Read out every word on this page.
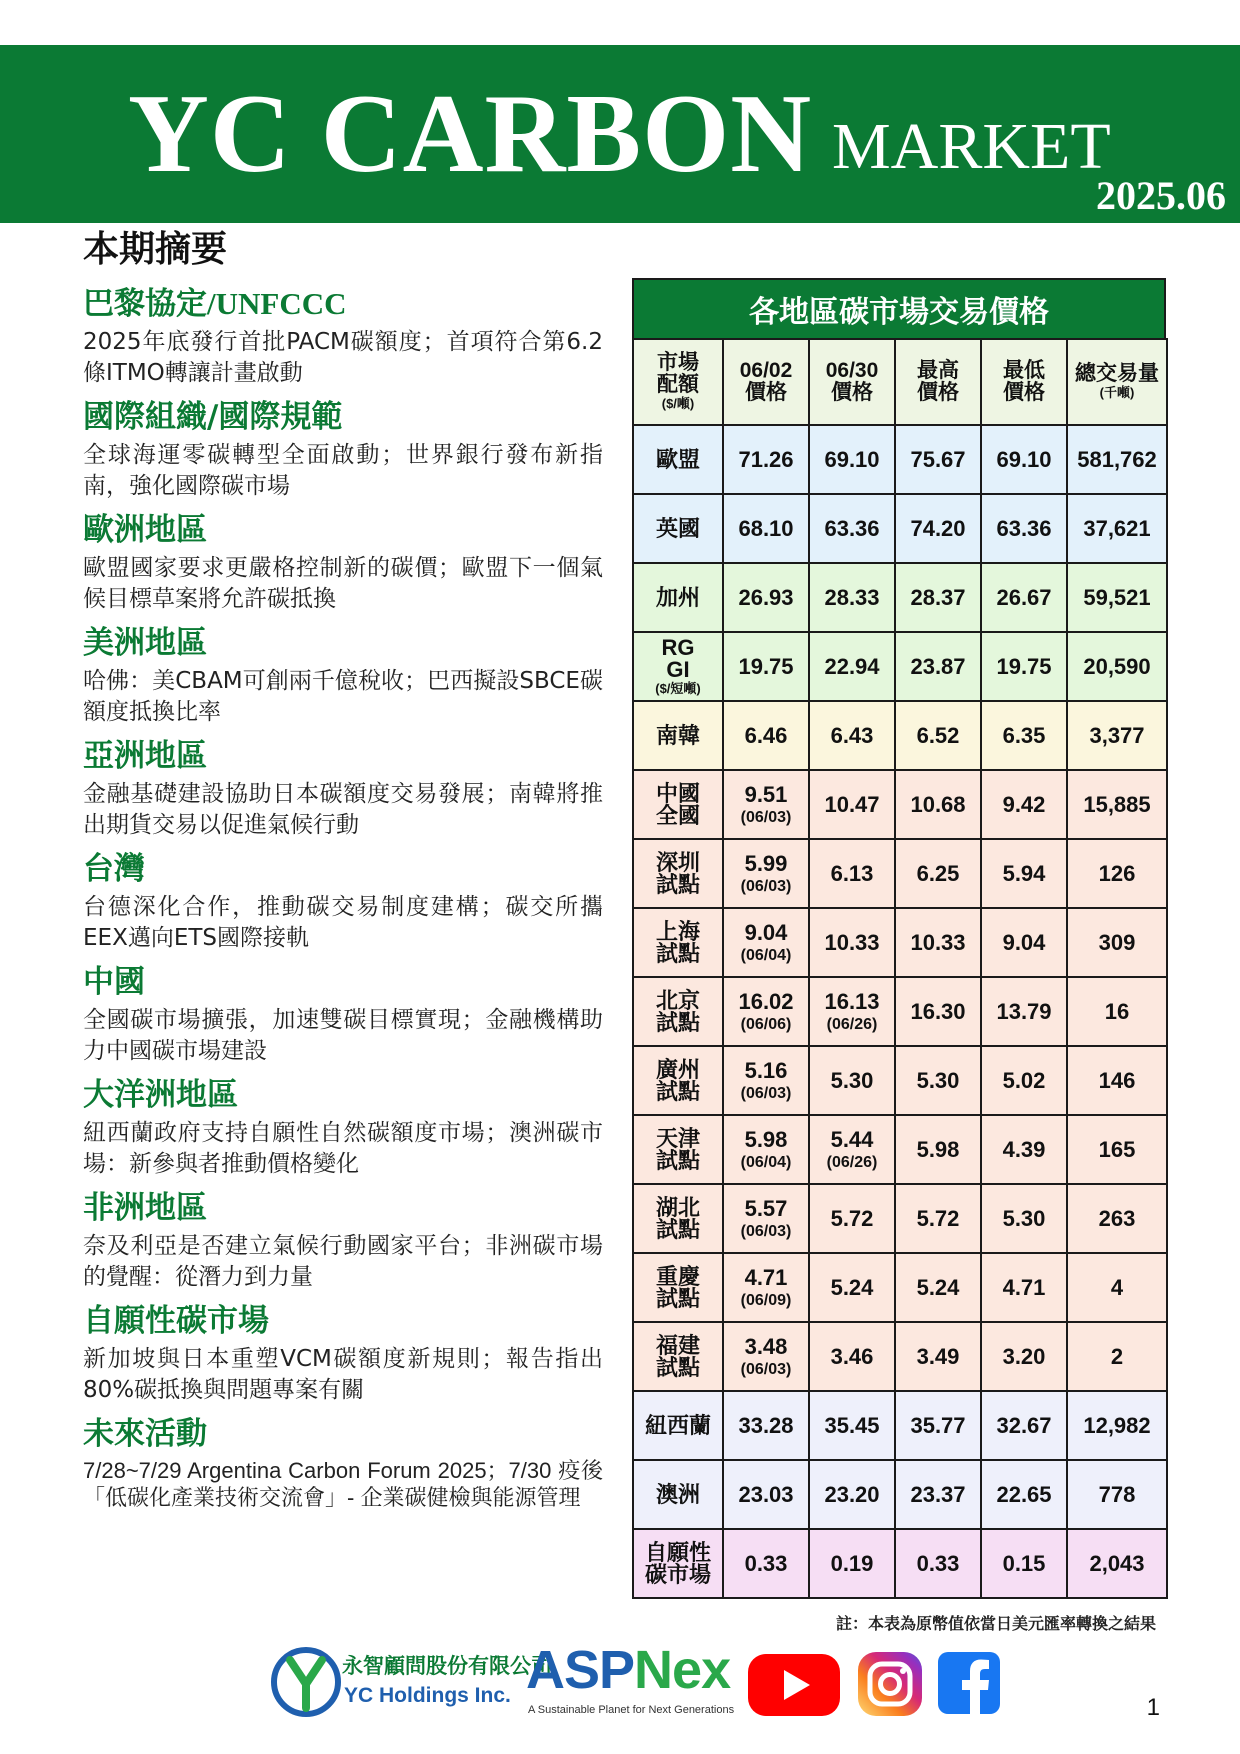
YC CARBON MARKET
2025.06
本期摘要
巴黎協定/UNFCCC
2025年底發行首批PACM碳額度；首項符合第6.2條ITMO轉讓計畫啟動
國際組織/國際規範
全球海運零碳轉型全面啟動；世界銀行發布新指南，強化國際碳市場
歐洲地區
歐盟國家要求更嚴格控制新的碳價；歐盟下一個氣候目標草案將允許碳抵換
美洲地區
哈佛：美CBAM可創兩千億稅收；巴西擬設SBCE碳額度抵換比率
亞洲地區
金融基礎建設協助日本碳額度交易發展；南韓將推出期貨交易以促進氣候行動
台灣
台德深化合作，推動碳交易制度建構；碳交所攜EEX邁向ETS國際接軌
中國
全國碳市場擴張，加速雙碳目標實現；金融機構助力中國碳市場建設
大洋洲地區
紐西蘭政府支持自願性自然碳額度市場；澳洲碳市場：新參與者推動價格變化
非洲地區
奈及利亞是否建立氣候行動國家平台；非洲碳市場的覺醒：從潛力到力量
自願性碳市場
新加坡與日本重塑VCM碳額度新規則；報告指出80%碳抵換與問題專案有關
未來活動
7/28~7/29 Argentina Carbon Forum 2025；7/30 疫後「低碳化產業技術交流會」- 企業碳健檢與能源管理
各地區碳市場交易價格
市場配額
($/噸)	06/02價格	06/30價格	最高價格	最低價格	總交易量
(千噸)

歐盟	71.26	69.10	75.67	69.10	581,762

英國	68.10	63.36	74.20	63.36	37,621

加州	26.93	28.33	28.37	26.67	59,521

RGGI
($/短噸)	19.75	22.94	23.87	19.75	20,590

南韓	6.46	6.43	6.52	6.35	3,377

中國全國	9.51
(06/03)	10.47	10.68	9.42	15,885

深圳試點	5.99
(06/03)	6.13	6.25	5.94	126

上海試點	9.04
(06/04)	10.33	10.33	9.04	309

北京試點	16.02
(06/06)	16.13
(06/26)	16.30	13.79	16

廣州試點	5.16
(06/03)	5.30	5.30	5.02	146

天津試點	5.98
(06/04)	5.44
(06/26)	5.98	4.39	165

湖北試點	5.57
(06/03)	5.72	5.72	5.30	263

重慶試點	4.71
(06/09)	5.24	5.24	4.71	4

福建試點	3.48
(06/03)	3.46	3.49	3.20	2

紐西蘭	33.28	35.45	35.77	32.67	12,982

澳洲	23.03	23.20	23.37	22.65	778

自願性碳市場	0.33	0.19	0.33	0.15	2,043
註：本表為原幣值依當日美元匯率轉換之結果
永智顧問股份有限公司
YC Holdings Inc. ASPNex
A Sustainable Planet for Next Generations	1
